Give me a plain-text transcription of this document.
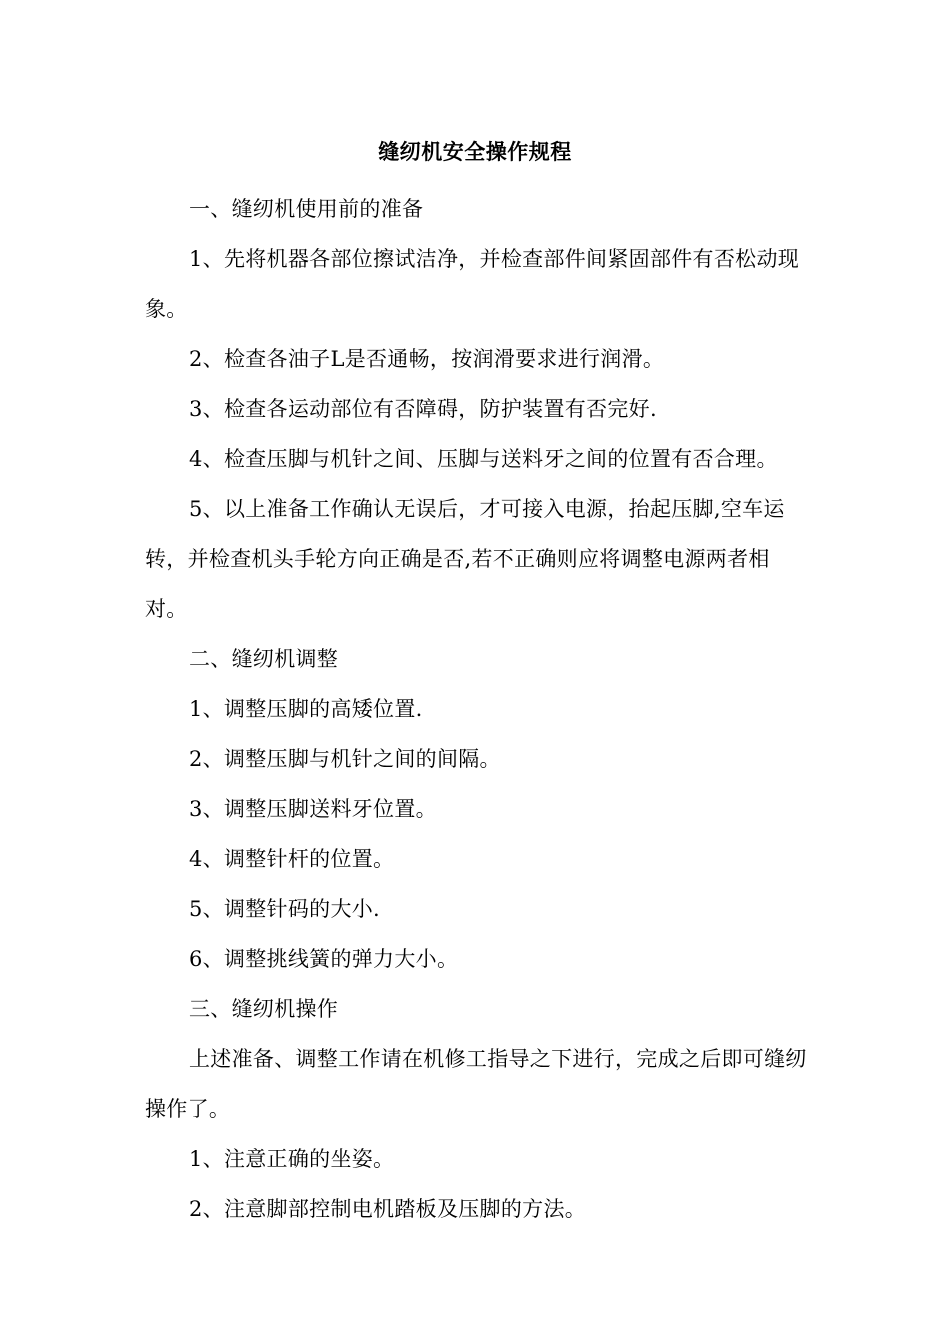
缝纫机安全操作规程

一、缝纫机使用前的准备

1、先将机器各部位擦试洁净，并检查部件间紧固部件有否松动现象。

2、检查各油子L是否通畅，按润滑要求进行润滑。

3、检查各运动部位有否障碍，防护装置有否完好.

4、检查压脚与机针之间、压脚与送料牙之间的位置有否合理。

5、以上准备工作确认无误后，才可接入电源，抬起压脚,空车运转，并检查机头手轮方向正确是否,若不正确则应将调整电源两者相对。

二、缝纫机调整

1、调整压脚的高矮位置.

2、调整压脚与机针之间的间隔。

3、调整压脚送料牙位置。

4、调整针杆的位置。

5、调整针码的大小.

6、调整挑线簧的弹力大小。

三、缝纫机操作

上述准备、调整工作请在机修工指导之下进行，完成之后即可缝纫操作了。

1、注意正确的坐姿。

2、注意脚部控制电机踏板及压脚的方法。
